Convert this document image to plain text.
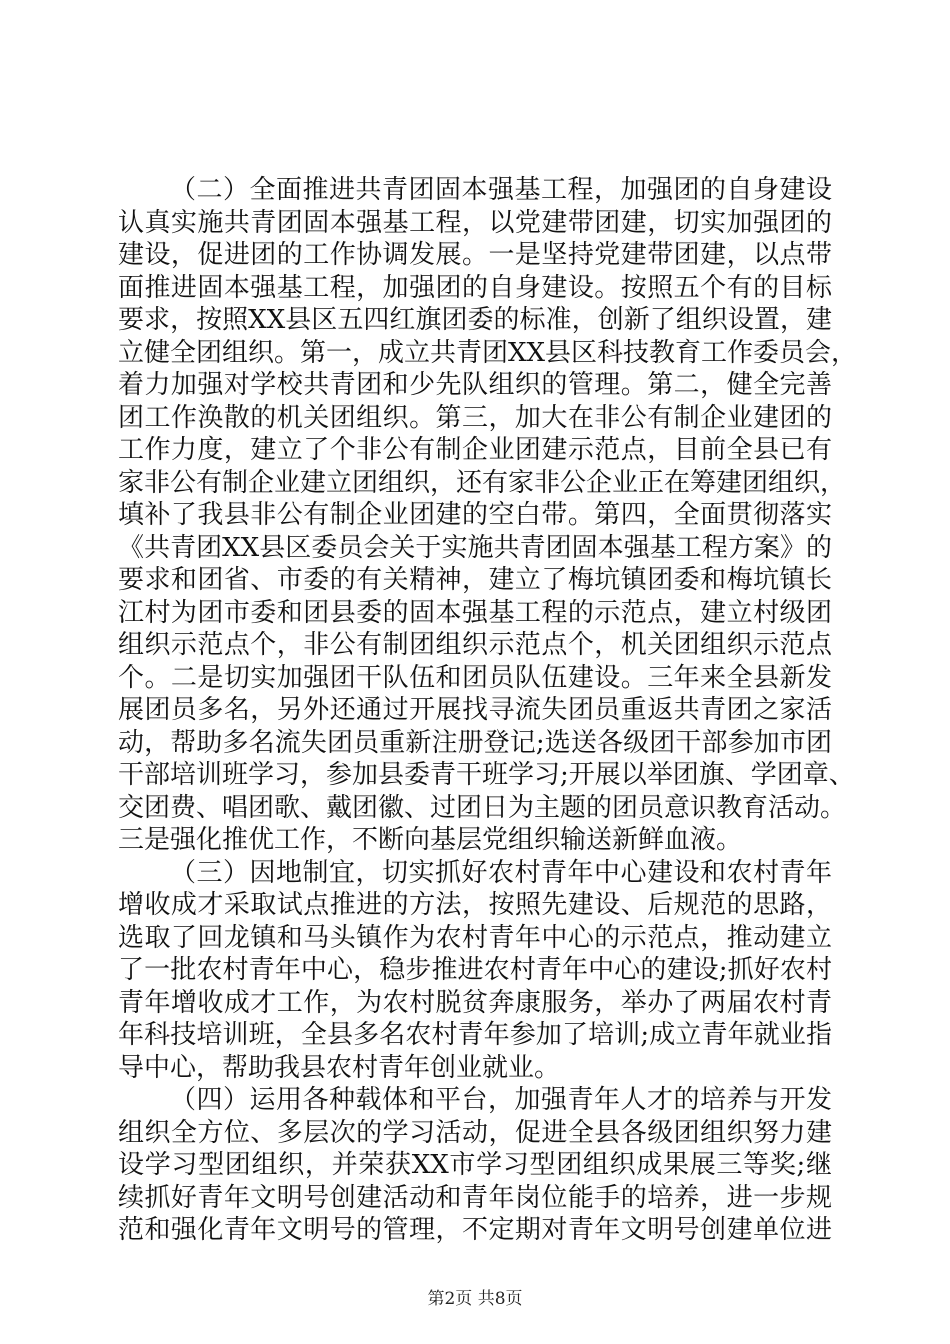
（二）全面推进共青团固本强基工程，加强团的自身建设
认真实施共青团固本强基工程，以党建带团建，切实加强团的
建设，促进团的工作协调发展。一是坚持党建带团建，以点带
面推进固本强基工程，加强团的自身建设。按照五个有的目标
要求，按照XX县区五四红旗团委的标准，创新了组织设置，建
立健全团组织。第一，成立共青团XX县区科技教育工作委员会，
着力加强对学校共青团和少先队组织的管理。第二，健全完善
团工作涣散的机关团组织。第三，加大在非公有制企业建团的
工作力度，建立了个非公有制企业团建示范点，目前全县已有
家非公有制企业建立团组织，还有家非公企业正在筹建团组织，
填补了我县非公有制企业团建的空白带。第四，全面贯彻落实
《共青团XX县区委员会关于实施共青团固本强基工程方案》的
要求和团省、市委的有关精神，建立了梅坑镇团委和梅坑镇长
江村为团市委和团县委的固本强基工程的示范点，建立村级团
组织示范点个，非公有制团组织示范点个，机关团组织示范点
个。二是切实加强团干队伍和团员队伍建设。三年来全县新发
展团员多名，另外还通过开展找寻流失团员重返共青团之家活
动，帮助多名流失团员重新注册登记;选送各级团干部参加市团
干部培训班学习，参加县委青干班学习;开展以举团旗、学团章、
交团费、唱团歌、戴团徽、过团日为主题的团员意识教育活动。
三是强化推优工作，不断向基层党组织输送新鲜血液。
（三）因地制宜，切实抓好农村青年中心建设和农村青年
增收成才采取试点推进的方法，按照先建设、后规范的思路，
选取了回龙镇和马头镇作为农村青年中心的示范点，推动建立
了一批农村青年中心，稳步推进农村青年中心的建设;抓好农村
青年增收成才工作，为农村脱贫奔康服务，举办了两届农村青
年科技培训班，全县多名农村青年参加了培训;成立青年就业指
导中心，帮助我县农村青年创业就业。
（四）运用各种载体和平台，加强青年人才的培养与开发
组织全方位、多层次的学习活动，促进全县各级团组织努力建
设学习型团组织，并荣获XX市学习型团组织成果展三等奖;继
续抓好青年文明号创建活动和青年岗位能手的培养，进一步规
范和强化青年文明号的管理，不定期对青年文明号创建单位进
第2页 共8页
